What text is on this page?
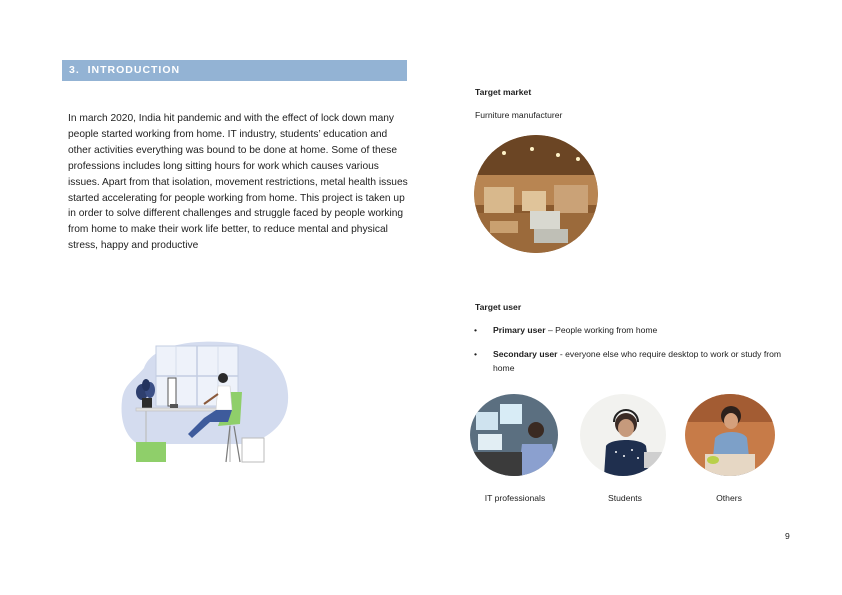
3. INTRODUCTION

In march 2020, India hit pandemic and with the effect of lock down many people started working from home. IT industry, students’ education and other activities everything was bound to be done at home. Some of these professions includes long sitting hours for work which causes various issues. Apart from that isolation, movement restrictions, metal health issues started accelerating for people working from home. This project is taken up in order to solve different challenges and struggle faced by people working from home to make their work life better, to reduce mental and physical stress, happy and productive

Target market
Furniture manufacturer
Target user
• Primary user – People working from home
• Secondary user - everyone else who require desktop to work or study from home
IT professionals	Students	Others
9
